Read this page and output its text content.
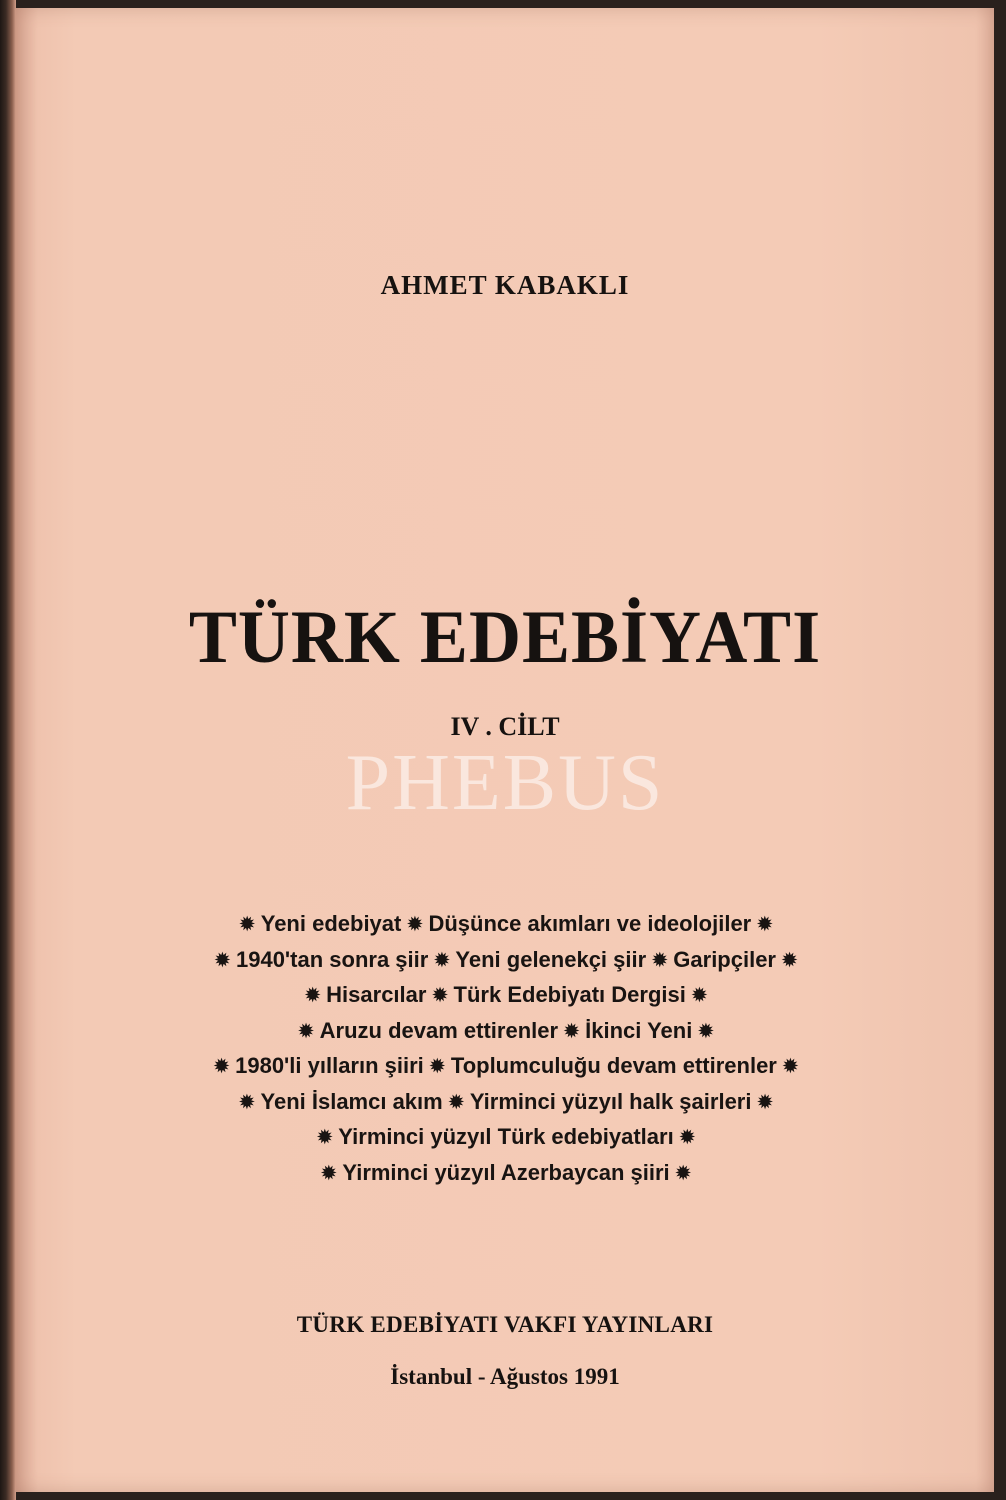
AHMET KABAKLI
TÜRK EDEBİYATI
IV . CİLT
PHEBUS
✹ Yeni edebiyat ✹ Düşünce akımları ve ideolojiler ✹
✹ 1940'tan sonra şiir ✹ Yeni gelenekçi şiir ✹ Garipçiler ✹
✹ Hisarcılar ✹ Türk Edebiyatı Dergisi ✹
✹ Aruzu devam ettirenler ✹ İkinci Yeni ✹
✹ 1980'li yılların şiiri ✹ Toplumculuğu devam ettirenler ✹
✹ Yeni İslamcı akım ✹ Yirminci yüzyıl halk şairleri ✹
✹ Yirminci yüzyıl Türk edebiyatları ✹
✹ Yirminci yüzyıl Azerbaycan şiiri ✹
TÜRK EDEBİYATI VAKFI YAYINLARI
İstanbul - Ağustos 1991
